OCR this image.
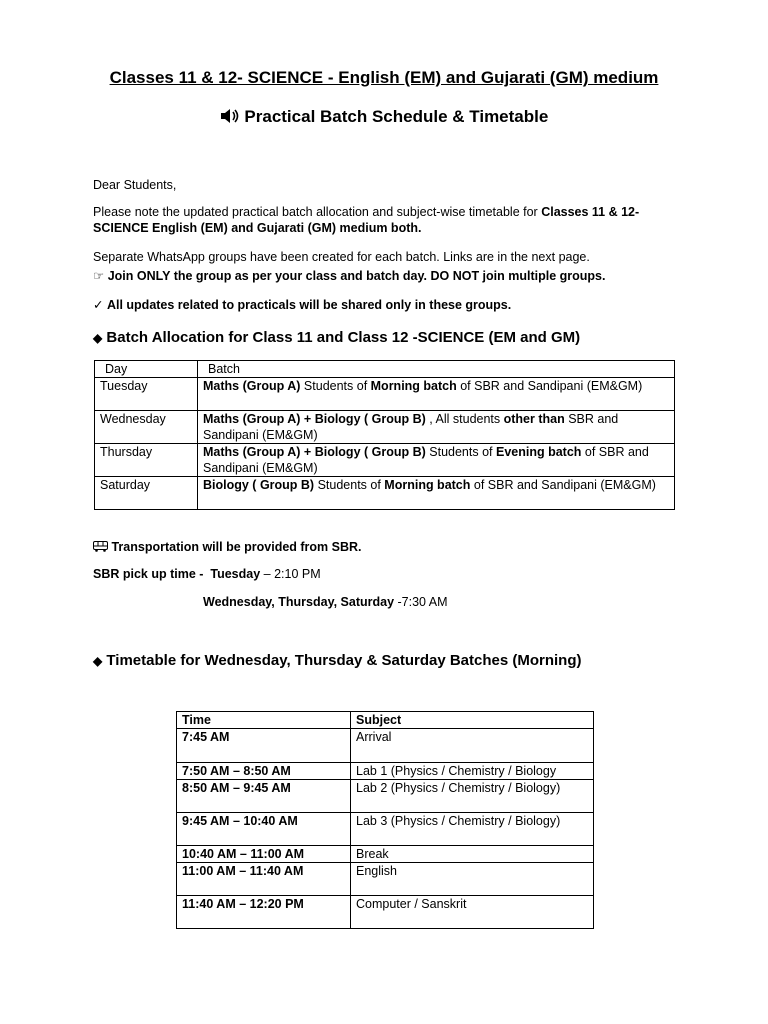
Classes 11 & 12- SCIENCE - English (EM) and Gujarati (GM) medium
Practical Batch Schedule & Timetable
Dear Students,
Please note the updated practical batch allocation and subject-wise timetable for Classes 11 & 12-
SCIENCE English (EM) and Gujarati (GM) medium both.
Separate WhatsApp groups have been created for each batch. Links are in the next page.
☞ Join ONLY the group as per your class and batch day. DO NOT join multiple groups.
✓ All updates related to practicals will be shared only in these groups.
◆ Batch Allocation for Class 11 and Class 12 -SCIENCE (EM and GM)
Day	Batch
Tuesday	Maths (Group A) Students of Morning batch of SBR and Sandipani (EM&GM)

Wednesday	Maths (Group A) + Biology ( Group B) , All students other than SBR and
Sandipani (EM&GM)
Thursday	Maths (Group A) + Biology ( Group B) Students of Evening batch of SBR and
Sandipani (EM&GM)
Saturday	Biology ( Group B) Students of Morning batch of SBR and Sandipani (EM&GM)

Transportation will be provided from SBR.
SBR pick up time -  Tuesday – 2:10 PM
Wednesday, Thursday, Saturday -7:30 AM
◆ Timetable for Wednesday, Thursday & Saturday Batches (Morning)
Time	Subject
7:45 AM	Arrival
7:50 AM – 8:50 AM	Lab 1 (Physics / Chemistry / Biology
8:50 AM – 9:45 AM	Lab 2 (Physics / Chemistry / Biology)
9:45 AM – 10:40 AM	Lab 3 (Physics / Chemistry / Biology)
10:40 AM – 11:00 AM	Break
11:00 AM – 11:40 AM	English
11:40 AM – 12:20 PM	Computer / Sanskrit
